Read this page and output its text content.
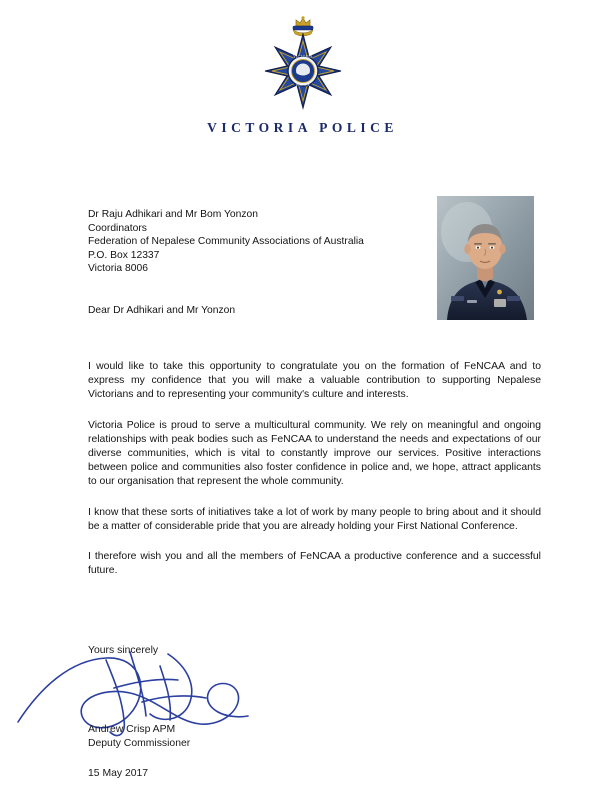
VICTORIA
POLICE
VICTORIA POLICE
Dr Raju Adhikari and Mr Bom Yonzon
Coordinators
Federation of Nepalese Community Associations of Australia
P.O. Box 12337
Victoria 8006
Dear Dr Adhikari and Mr Yonzon
I would like to take this opportunity to congratulate you on the formation of FeNCAA and to express my confidence that you will make a valuable contribution to supporting Nepalese Victorians and to representing your community's culture and interests.
Victoria Police is proud to serve a multicultural community. We rely on meaningful and ongoing relationships with peak bodies such as FeNCAA to understand the needs and expectations of our diverse communities, which is vital to constantly improve our services. Positive interactions between police and communities also foster confidence in police and, we hope, attract applicants to our organisation that represent the whole community.
I know that these sorts of initiatives take a lot of work by many people to bring about and it should be a matter of considerable pride that you are already holding your First National Conference.
I therefore wish you and all the members of FeNCAA a productive conference and a successful future.
Yours sincerely
Andrew Crisp APM
Deputy Commissioner
15 May 2017
